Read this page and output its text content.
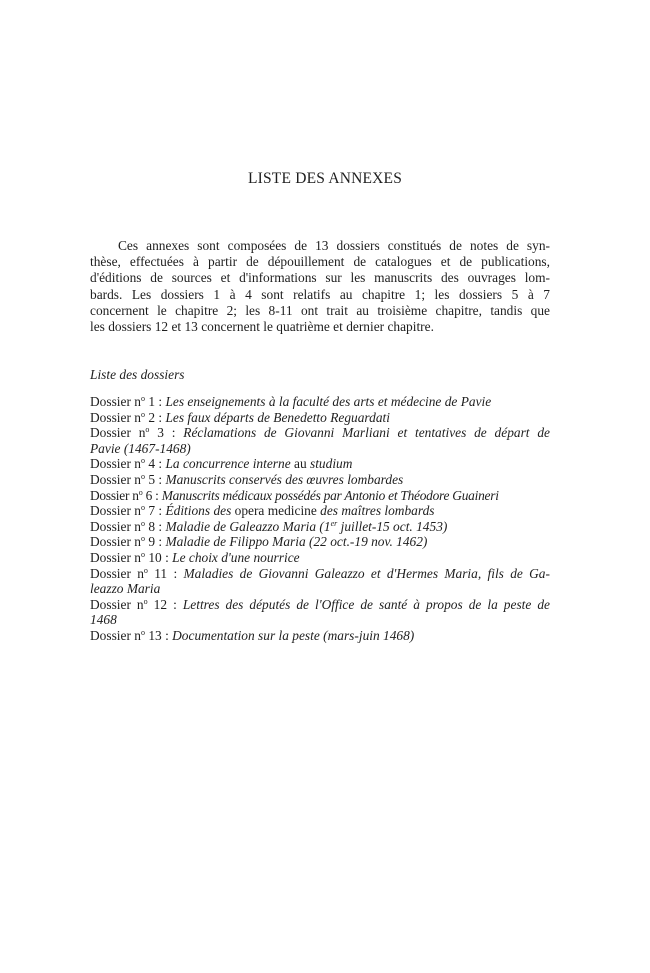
LISTE DES ANNEXES

Ces annexes sont composées de 13 dossiers constitués de notes de syn-
thèse, effectuées à partir de dépouillement de catalogues et de publications,
d'éditions de sources et d'informations sur les manuscrits des ouvrages lom-
bards. Les dossiers 1 à 4 sont relatifs au chapitre 1; les dossiers 5 à 7
concernent le chapitre 2; les 8-11 ont trait au troisième chapitre, tandis que
les dossiers 12 et 13 concernent le quatrième et dernier chapitre.

Liste des dossiers
Dossier $n^o$ 1 : Les enseignements à la faculté des arts et médecine de Pavie
Dossier $n^o$ 2 : Les faux départs de Benedetto Reguardati
Dossier $n^o$ 3 : Réclamations de Giovanni Marliani et tentatives de départ de
Pavie (1467-1468)
Dossier $n^o$ 4 : La concurrence interne au studium
Dossier $n^o$ 5 : Manuscrits conservés des œuvres lombardes
Dossier $n^o$ 6 : Manuscrits médicaux possédés par Antonio et Théodore Guaineri
Dossier $n^o$ 7 : Éditions des opera medicine des maîtres lombards
Dossier $n^o$ 8 : Maladie de Galeazzo Maria (1er juillet-15 oct. 1453)
Dossier $n^o$ 9 : Maladie de Filippo Maria (22 oct.-19 nov. 1462)
Dossier $n^o$ 10 : Le choix d'une nourrice
Dossier $n^o$ 11 : Maladies de Giovanni Galeazzo et d'Hermes Maria, fils de Ga-
leazzo Maria
Dossier $n^o$ 12 : Lettres des députés de l'Office de santé à propos de la peste de
1468
Dossier $n^o$ 13 : Documentation sur la peste (mars-juin 1468)
